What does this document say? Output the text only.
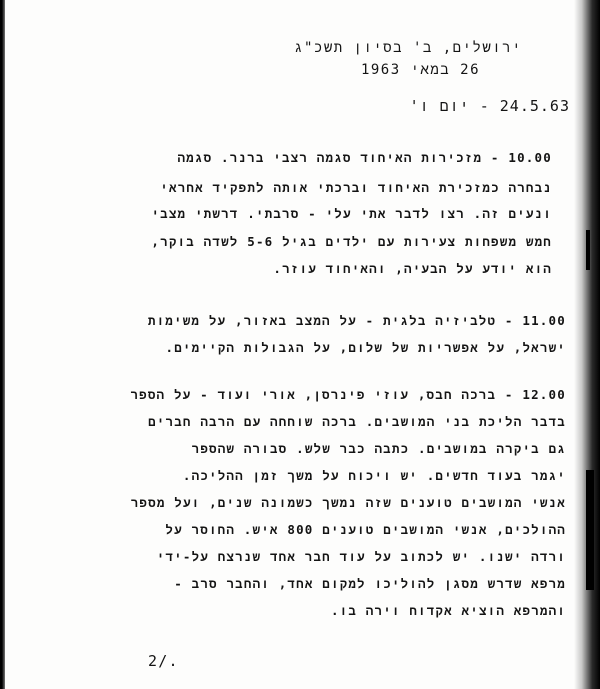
ירושלים, ב' בסיון תשכ"ג
26 במאי 1963
24.5.63 - יום ו'
10.00 - מזכירות האיחוד סגמה רצבי ברנר. סגמה
נבחרה כמזכירת האיחוד וברכתי אותה לתפקיד אחראי
ונעים זה. רצו לדבר אתי עלי - סרבתי. דרשתי מצבי
חמש משפחות צעירות עם ילדים בגיל 5-6 לשדה בוקר,
הוא יודע על הבעיה, והאיחוד עוזר.
11.00 - טלביזיה בלגית - על המצב באזור, על משימות
ישראל, על אפשריות של שלום, על הגבולות הקיימים.
12.00 - ברכה חבס, עוזי פינרסן, אורי ועוד - על הספר
בדבר הליכת בני המושבים. ברכה שוחחה עם הרבה חברים
גם ביקרה במושבים. כתבה כבר שלש. סבורה שהספר
יגמר בעוד חדשים. יש ויכוח על משך זמן ההליכה.
אנשי המושבים טוענים שזה נמשך כשמונה שנים, ועל מספר
ההולכים, אנשי המושבים טוענים 800 איש. החוסר על
ורדה ישנו. יש לכתוב על עוד חבר אחד שנרצח על-ידי
מרפא שדרש מסגן להוליכו למקום אחד, והחבר סרב -
והמרפא הוציא אקדוח וירה בו.
2/.
